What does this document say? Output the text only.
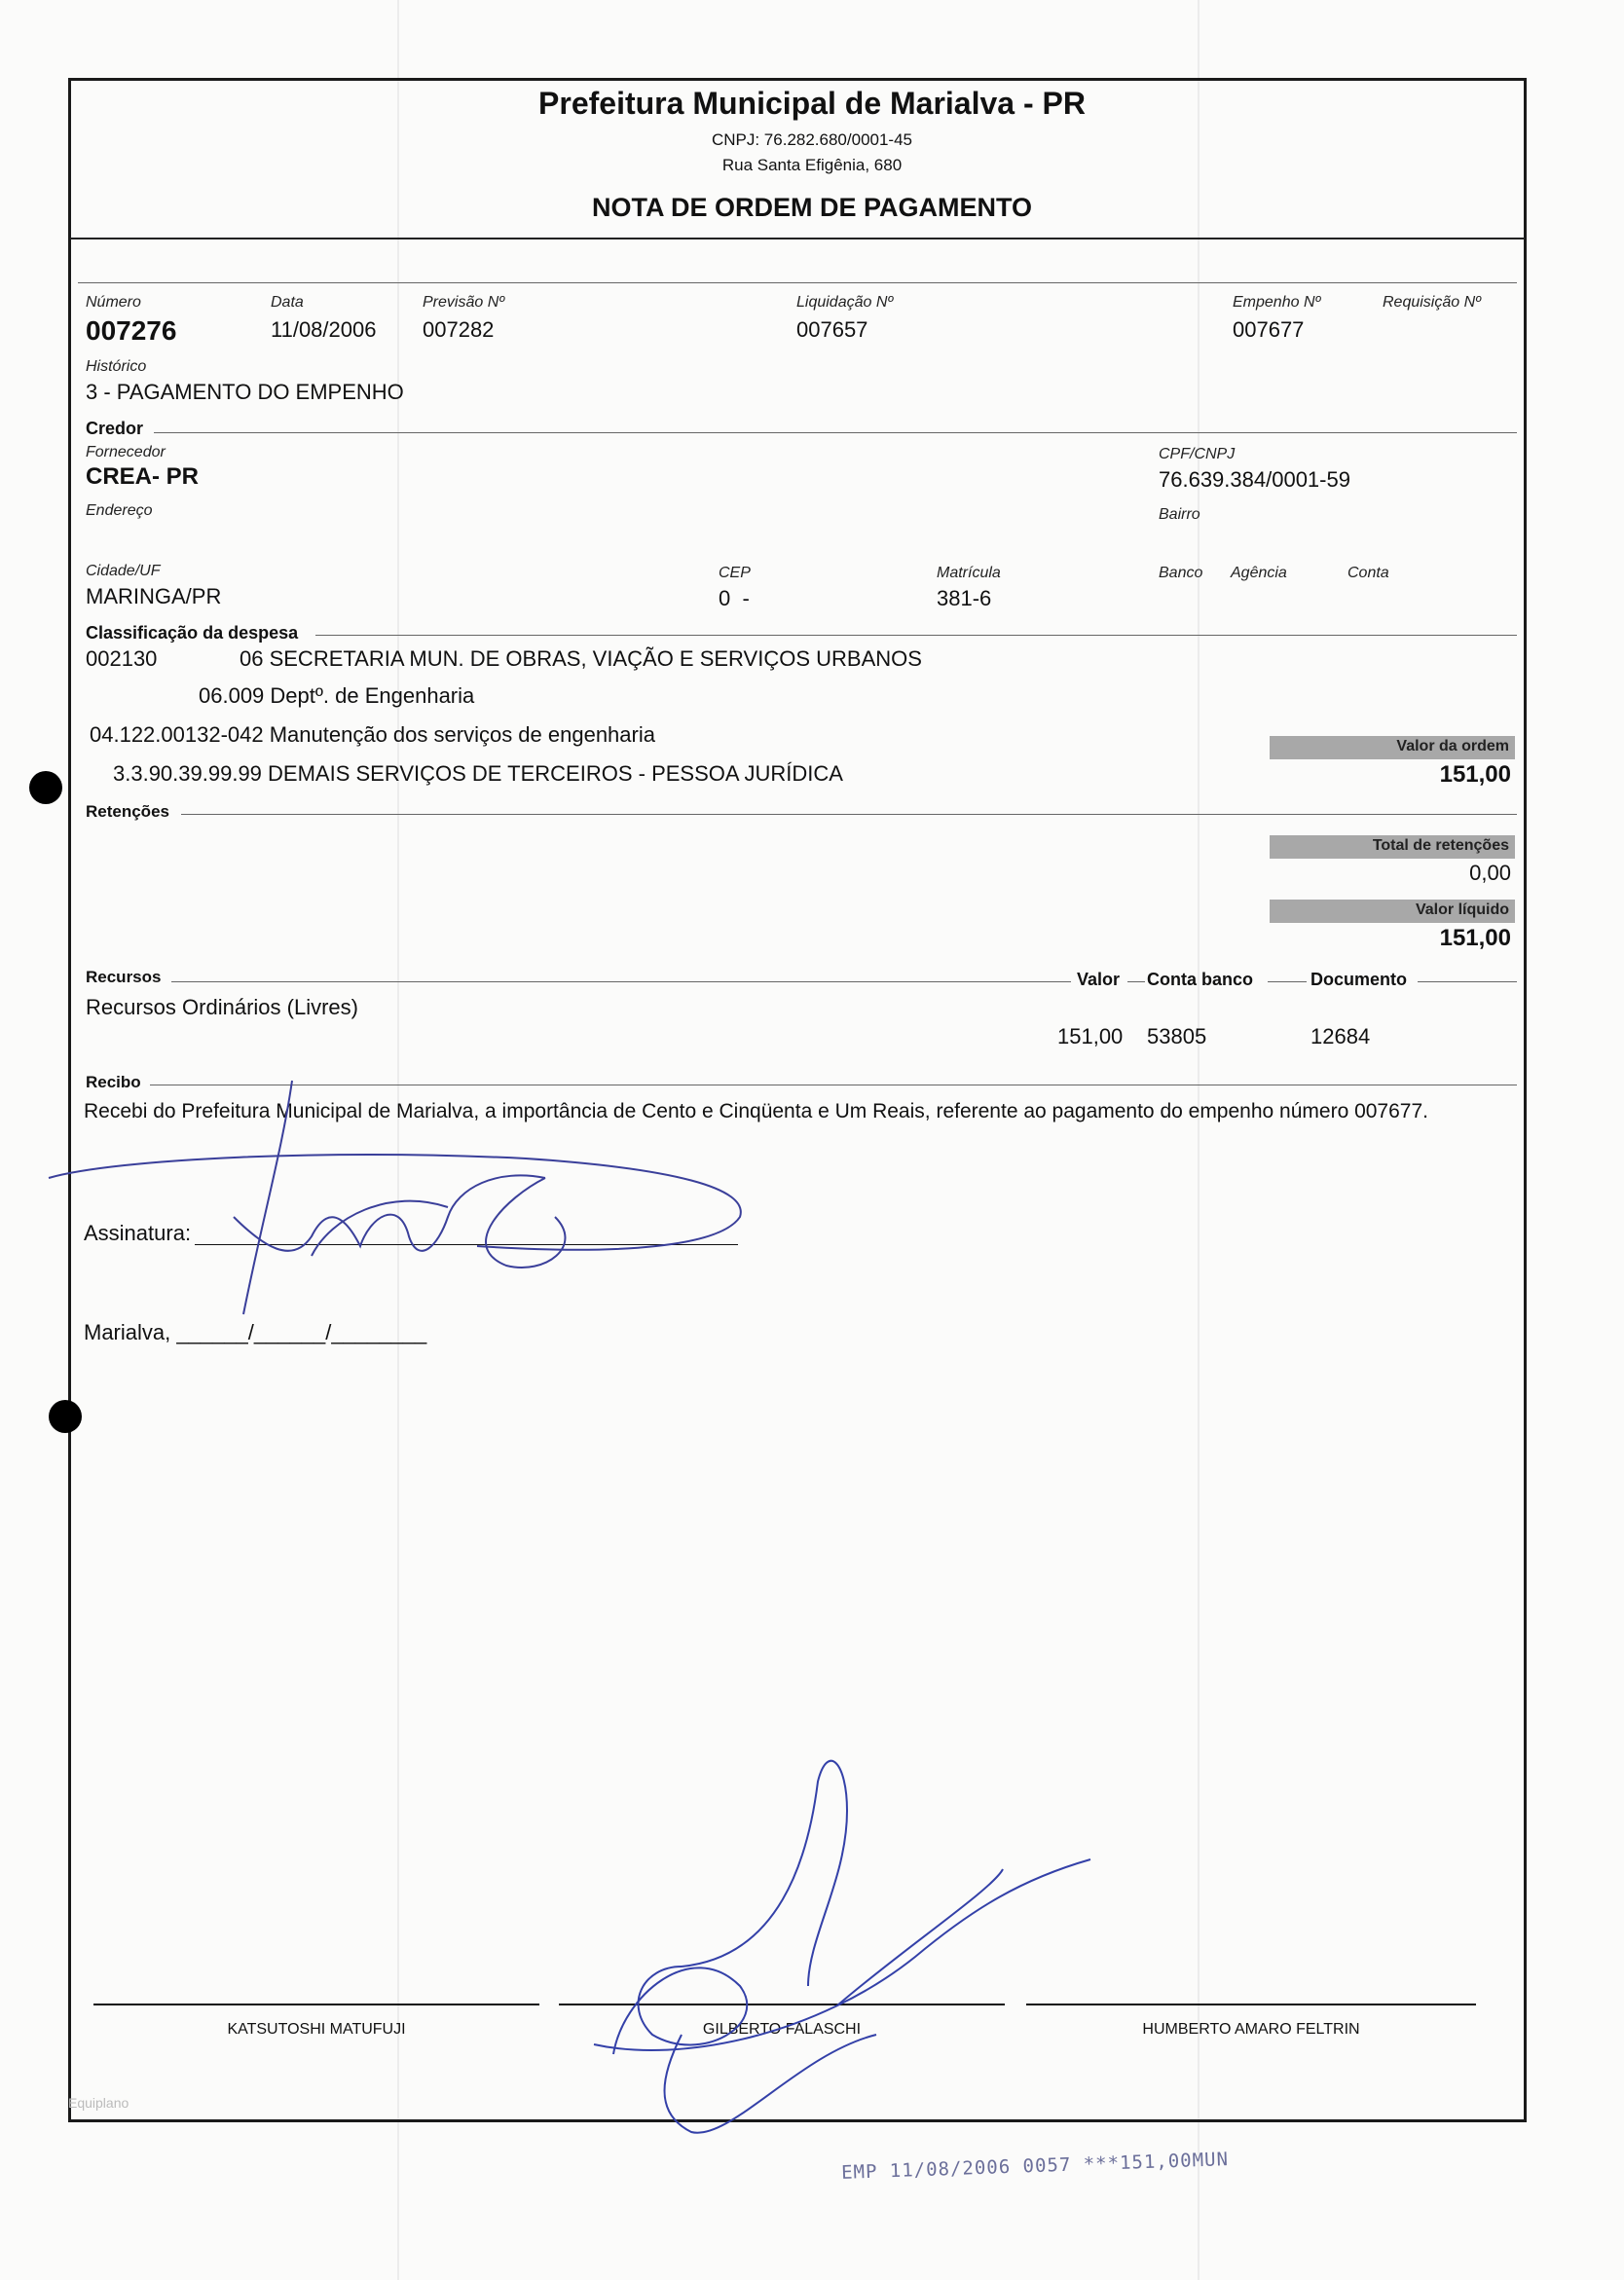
Prefeitura Municipal de Marialva - PR
CNPJ: 76.282.680/0001-45
Rua Santa Efigênia, 680
NOTA DE ORDEM DE PAGAMENTO
Número
007276
Data
11/08/2006
Previsão Nº
007282
Liquidação Nº
007657
Empenho Nº
007677
Requisição Nº
Histórico
3 - PAGAMENTO DO EMPENHO
Credor
Fornecedor
CREA- PR
CPF/CNPJ
76.639.384/0001-59
Endereço	Bairro
Cidade/UF
MARINGA/PR
CEP
0  -
Matrícula
381-6
Banco Agência	Conta
Classificação da despesa
002130	06 SECRETARIA MUN. DE OBRAS, VIAÇÃO E SERVIÇOS URBANOS
06.009 Deptº. de Engenharia
04.122.00132-042 Manutenção dos serviços de engenharia
3.3.90.39.99.99 DEMAIS SERVIÇOS DE TERCEIROS - PESSOA JURÍDICA
Valor da ordem
151,00
Retenções
Total de retenções
0,00
Valor líquido
151,00
Recursos	Valor Conta banco	Documento
Recursos Ordinários (Livres)
151,00 53805	12684
Recibo
Recebi do Prefeitura Municipal de Marialva, a importância de Cento e Cinqüenta e Um Reais, referente ao pagamento do empenho número 007677.
Assinatura:
Marialva, ______/______/________
KATSUTOSHI MATUFUJI	GILBERTO FALASCHI	HUMBERTO AMARO FELTRIN
Equiplano
EMP 11/08/2006 0057 ***151,00MUN
